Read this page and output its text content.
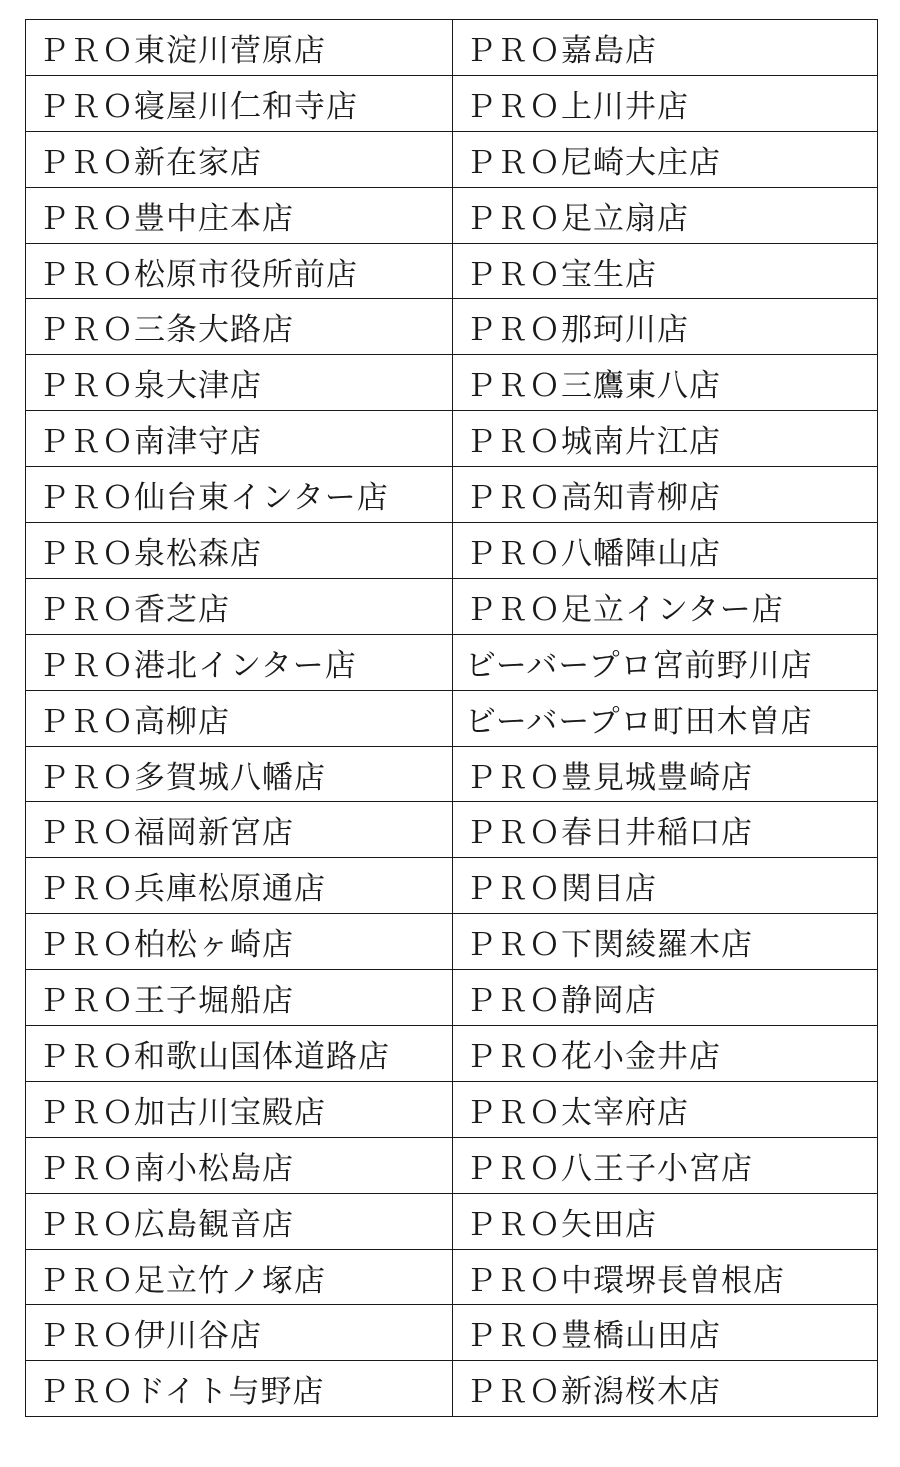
ＰＲＯ東淀川菅原店	ＰＲＯ嘉島店
ＰＲＯ寝屋川仁和寺店	ＰＲＯ上川井店
ＰＲＯ新在家店	ＰＲＯ尼崎大庄店
ＰＲＯ豊中庄本店	ＰＲＯ足立扇店
ＰＲＯ松原市役所前店	ＰＲＯ宝生店
ＰＲＯ三条大路店	ＰＲＯ那珂川店
ＰＲＯ泉大津店	ＰＲＯ三鷹東八店
ＰＲＯ南津守店	ＰＲＯ城南片江店
ＰＲＯ仙台東インター店	ＰＲＯ高知青柳店
ＰＲＯ泉松森店	ＰＲＯ八幡陣山店
ＰＲＯ香芝店	ＰＲＯ足立インター店
ＰＲＯ港北インター店	ビーバープロ宮前野川店
ＰＲＯ高柳店	ビーバープロ町田木曽店
ＰＲＯ多賀城八幡店	ＰＲＯ豊見城豊崎店
ＰＲＯ福岡新宮店	ＰＲＯ春日井稲口店
ＰＲＯ兵庫松原通店	ＰＲＯ関目店
ＰＲＯ柏松ヶ崎店	ＰＲＯ下関綾羅木店
ＰＲＯ王子堀船店	ＰＲＯ静岡店
ＰＲＯ和歌山国体道路店	ＰＲＯ花小金井店
ＰＲＯ加古川宝殿店	ＰＲＯ太宰府店
ＰＲＯ南小松島店	ＰＲＯ八王子小宮店
ＰＲＯ広島観音店	ＰＲＯ矢田店
ＰＲＯ足立竹ノ塚店	ＰＲＯ中環堺長曽根店
ＰＲＯ伊川谷店	ＰＲＯ豊橋山田店
ＰＲＯドイト与野店	ＰＲＯ新潟桜木店
